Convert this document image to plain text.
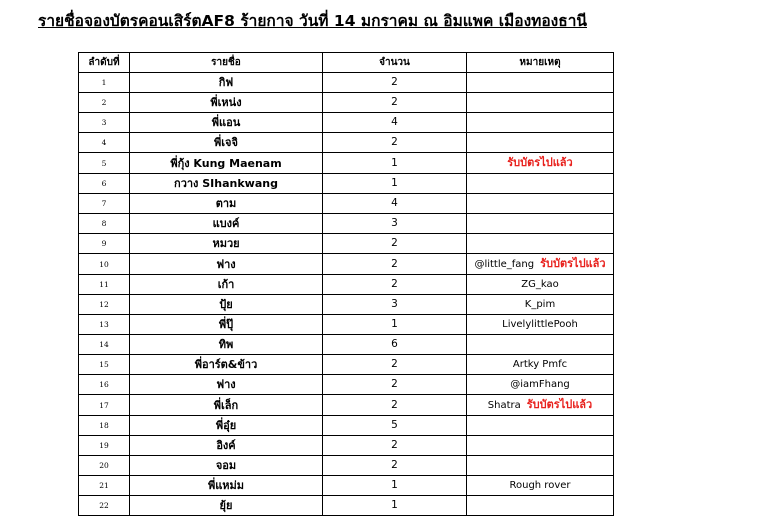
รายชื่อจองบัตรคอนเสิร์ตAF8 ร้ายกาจ วันที่ 14 มกราคม ณ อิมแพค เมืองทองธานี
ลำดับที่	รายชื่อ	จำนวน	หมายเหตุ
1	กิฟ	2	
2	พี่เหน่ง	2	
3	พี่แอน	4	
4	พี่เจจิ	2	
5	พี่กุ้ง Kung Maenam	1	รับบัตรไปแล้ว
6	กวาง SIhankwang	1	
7	ตาม	4	
8	แบงค์	3	
9	หมวย	2	
10	ฟาง	2	@little_fang รับบัตรไปแล้ว
11	เก้า	2	ZG_kao
12	ปุ้ย	3	K_pim
13	พี่ปุ๊	1	LivelylittlePooh
14	ทิพ	6	
15	พี่อาร์ต&ข้าว	2	Artky Pmfc
16	ฟาง	2	@iamFhang
17	พี่เล็ก	2	Shatra รับบัตรไปแล้ว
18	พี่อุ๋ย	5	
19	อิงค์	2	
20	จอม	2	
21	พี่แหม่ม	1	Rough rover
22	ยุ้ย	1	
